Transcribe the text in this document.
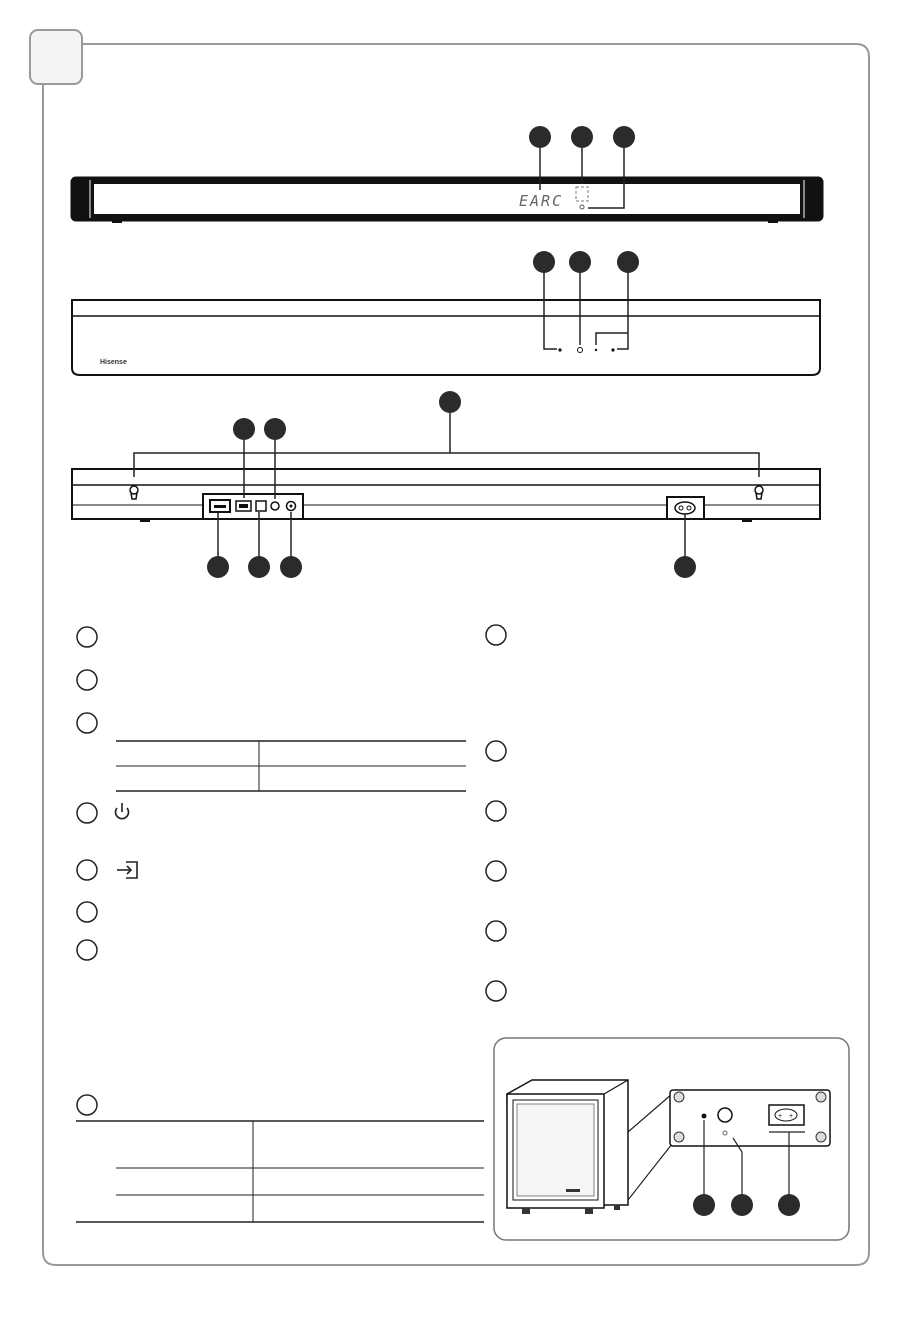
EARC
Hisense
+ +
